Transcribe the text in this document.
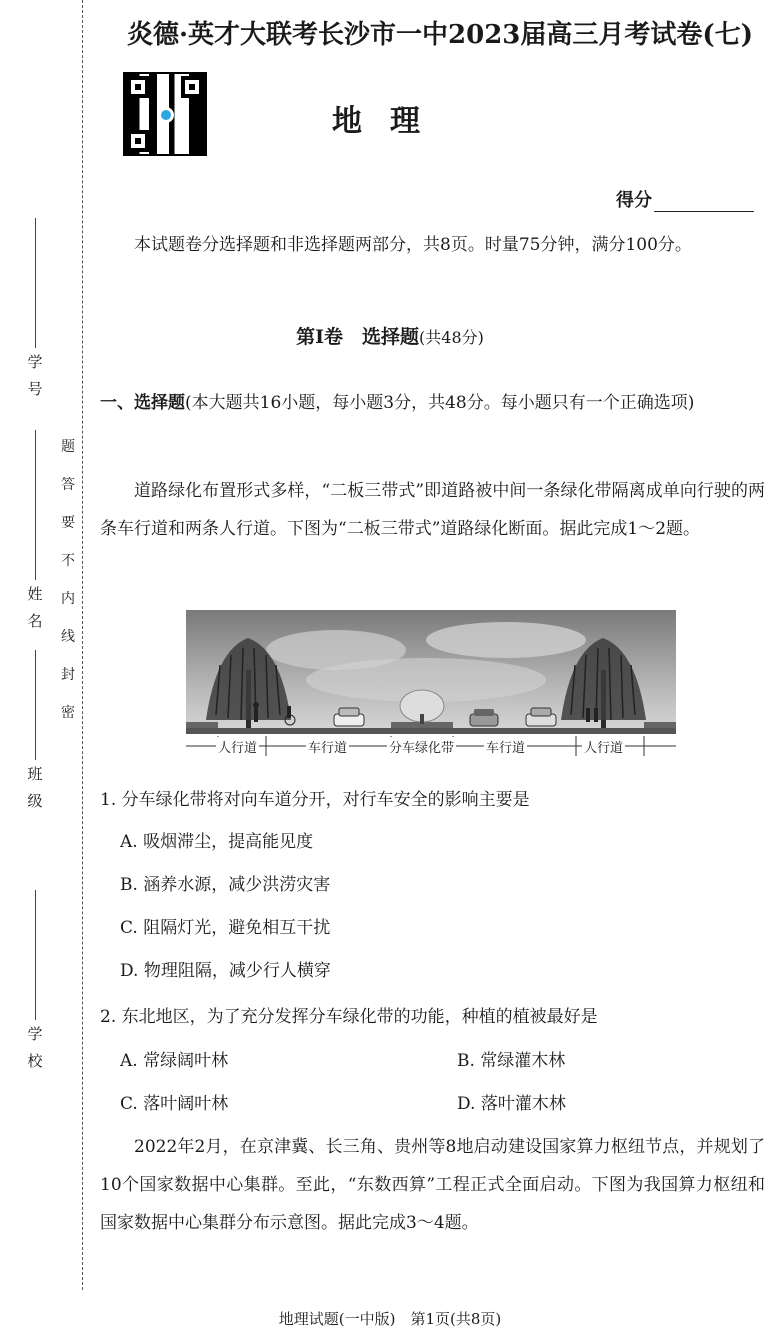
学号
姓名
班级
学校
题
答
要
不
内
线
封
密
炎德·英才大联考长沙市一中2023届高三月考试卷(七)
地理
得分
本试题卷分选择题和非选择题两部分，共8页。时量75分钟，满分100分。
第Ⅰ卷　选择题(共48分)
一、选择题(本大题共16小题，每小题3分，共48分。每小题只有一个正确选项)
道路绿化布置形式多样，“二板三带式”即道路被中间一条绿化带隔离成单向行驶的两条车行道和两条人行道。下图为“二板三带式”道路绿化断面。据此完成1～2题。
人行道	车行道	分车绿化带 车行道	人行道
1. 分车绿化带将对向车道分开，对行车安全的影响主要是
A. 吸烟滞尘，提高能见度
B. 涵养水源，减少洪涝灾害
C. 阻隔灯光，避免相互干扰
D. 物理阻隔，减少行人横穿
2. 东北地区，为了充分发挥分车绿化带的功能，种植的植被最好是
A. 常绿阔叶林	B. 常绿灌木林
C. 落叶阔叶林	D. 落叶灌木林
2022年2月，在京津冀、长三角、贵州等8地启动建设国家算力枢纽节点，并规划了10个国家数据中心集群。至此，“东数西算”工程正式全面启动。下图为我国算力枢纽和国家数据中心集群分布示意图。据此完成3～4题。
地理试题(一中版)　第1页(共8页)
